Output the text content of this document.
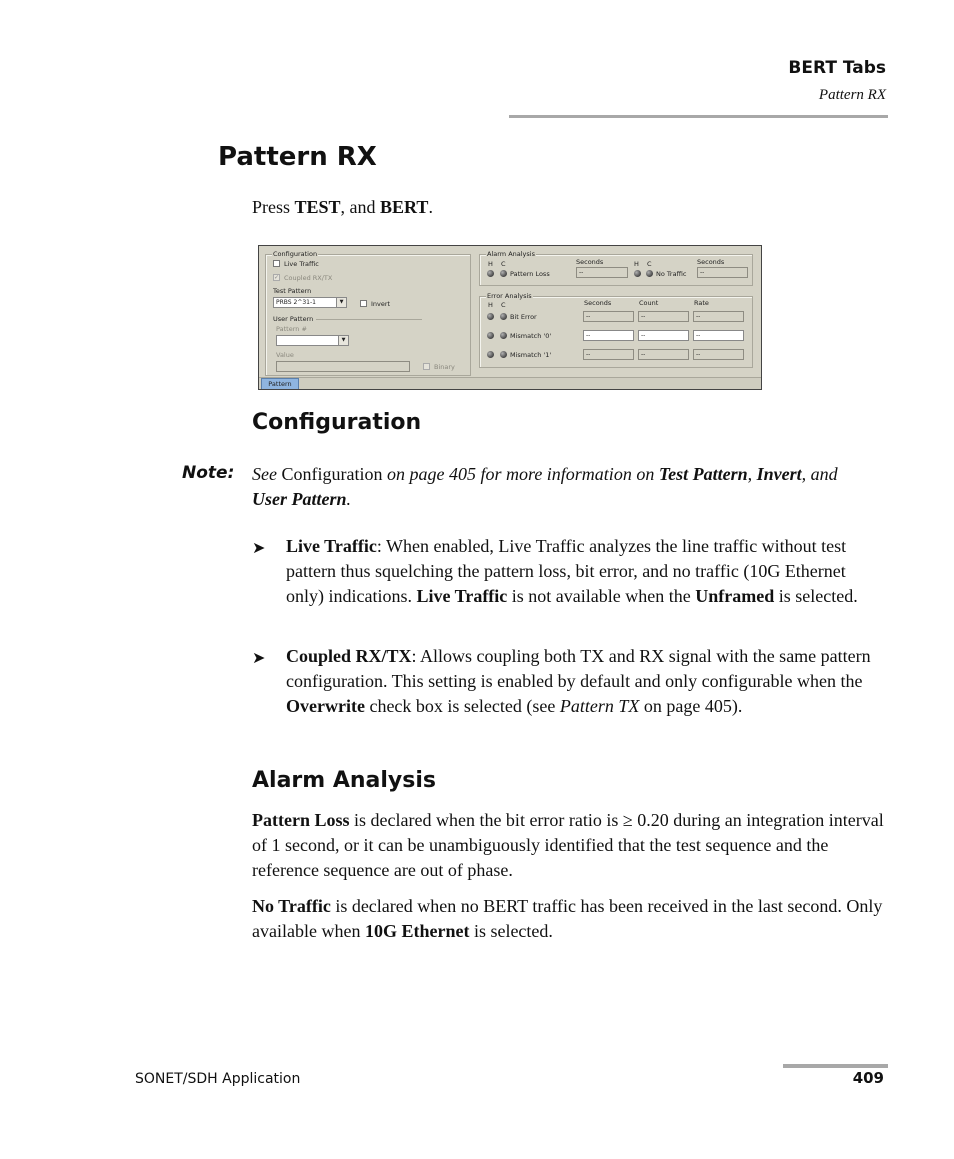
BERT Tabs
Pattern RX
Pattern RX
Press TEST, and BERT.
Configuration
Live Traffic
✓ Coupled RX/TX
Test Pattern
PRBS 2^31-1	▼	Invert
User Pattern
Pattern #
▼
Value
Binary
Alarm Analysis
H C
Pattern Loss
Seconds
--
H C
No Traffic
Seconds
--
Error Analysis
H C	Seconds	Count	Rate
Bit Error	--	--	--
Mismatch '0'	--	--	--
Mismatch '1'	--	--	--
Pattern
Configuration
Note: See Configuration on page 405 for more information on Test Pattern, Invert, and User Pattern.
➤ Live Traffic: When enabled, Live Traffic analyzes the line traffic without test pattern thus squelching the pattern loss, bit error, and no traffic (10G Ethernet only) indications. Live Traffic is not available when the Unframed is selected.
➤ Coupled RX/TX: Allows coupling both TX and RX signal with the same pattern configuration. This setting is enabled by default and only configurable when the Overwrite check box is selected (see Pattern TX on page 405).
Alarm Analysis
Pattern Loss is declared when the bit error ratio is ≥ 0.20 during an integration interval of 1 second, or it can be unambiguously identified that the test sequence and the reference sequence are out of phase.
No Traffic is declared when no BERT traffic has been received in the last second. Only available when 10G Ethernet is selected.
SONET/SDH Application	409
